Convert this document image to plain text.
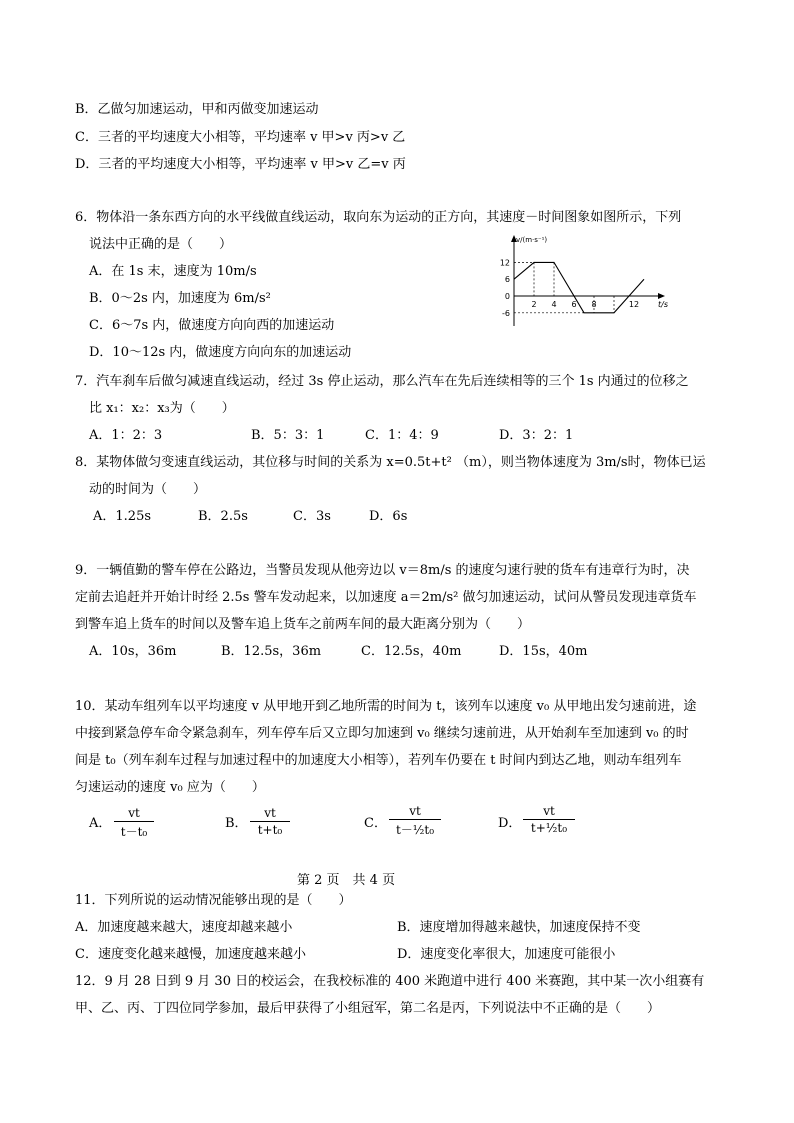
B．乙做匀加速运动，甲和丙做变加速运动
C．三者的平均速度大小相等，平均速率 v 甲>v 丙>v 乙
D．三者的平均速度大小相等，平均速率 v 甲>v 乙=v 丙
6．物体沿一条东西方向的水平线做直线运动，取向东为运动的正方向，其速度－时间图象如图所示，下列
说法中正确的是（　　）
A．在 1s 末，速度为 10m/s
B．0～2s 内，加速度为 6m/s²
C．6～7s 内，做速度方向向西的加速运动
D．10～12s 内，做速度方向向东的加速运动
v/(m·s⁻¹)
t/s
12
6
0
-6
2 4 6 8	12
7．汽车刹车后做匀减速直线运动，经过 3s 停止运动，那么汽车在先后连续相等的三个 1s 内通过的位移之
比 x₁：x₂：x₃为（　　）
A．1：2：3	B．5：3：1	C．1：4：9	D．3：2：1
8．某物体做匀变速直线运动，其位移与时间的关系为 x=0.5t+t² （m），则当物体速度为 3m/s时，物体已运
动的时间为（　　）
A．1.25s	B．2.5s	C．3s	D．6s
9．一辆值勤的警车停在公路边，当警员发现从他旁边以 v＝8m/s 的速度匀速行驶的货车有违章行为时，决
定前去追赶并开始计时经 2.5s 警车发动起来，以加速度 a＝2m/s² 做匀加速运动，试问从警员发现违章货车
到警车追上货车的时间以及警车追上货车之前两车间的最大距离分别为（　　）
A．10s，36m	B．12.5s，36m	C．12.5s，40m	D．15s，40m
10．某动车组列车以平均速度 v 从甲地开到乙地所需的时间为 t，该列车以速度 v₀ 从甲地出发匀速前进，途
中接到紧急停车命令紧急刹车，列车停车后又立即匀加速到 v₀ 继续匀速前进，从开始刹车至加速到 v₀ 的时
间是 t₀（列车刹车过程与加速过程中的加速度大小相等），若列车仍要在 t 时间内到达乙地，则动车组列车
匀速运动的速度 v₀ 应为（　　）
A．
vt
t－t₀
B．
vt
t+t₀	C．
vt
t－½t₀	D．
vt
t+½t₀
第 2 页　共 4 页
11．下列所说的运动情况能够出现的是（　　）
A．加速度越来越大，速度却越来越小	B．速度增加得越来越快，加速度保持不变
C．速度变化越来越慢，加速度越来越小	D．速度变化率很大，加速度可能很小
12．9 月 28 日到 9 月 30 日的校运会，在我校标准的 400 米跑道中进行 400 米赛跑，其中某一次小组赛有
甲、乙、丙、丁四位同学参加，最后甲获得了小组冠军，第二名是丙，下列说法中不正确的是（　　）
